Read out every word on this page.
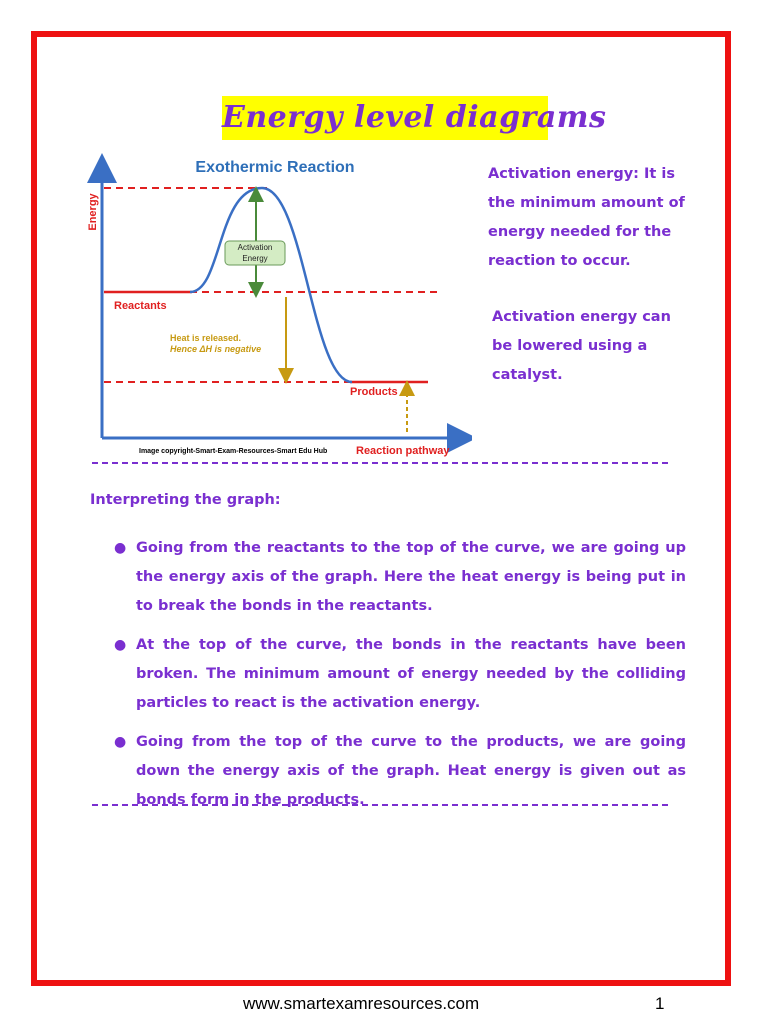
Energy level diagrams
Exothermic Reaction
Energy
Activation
Energy
Heat is released.
Hence ΔH is negative
Reactants
Products
Image copyright-Smart-Exam-Resources-Smart Edu Hub	Reaction pathway

Activation energy: It is the minimum amount of energy needed for the reaction to occur.

Activation energy can be lowered using a catalyst.

Interpreting the graph:

● Going from the reactants to the top of the curve, we are going up the energy axis of the graph. Here the heat energy is being put in to break the bonds in the reactants.
● At the top of the curve, the bonds in the reactants have been broken. The minimum amount of energy needed by the colliding particles to react is the activation energy.
● Going from the top of the curve to the products, we are going down the energy axis of the graph. Heat energy is given out as bonds form in the products.
www.smartexamresources.com	1
